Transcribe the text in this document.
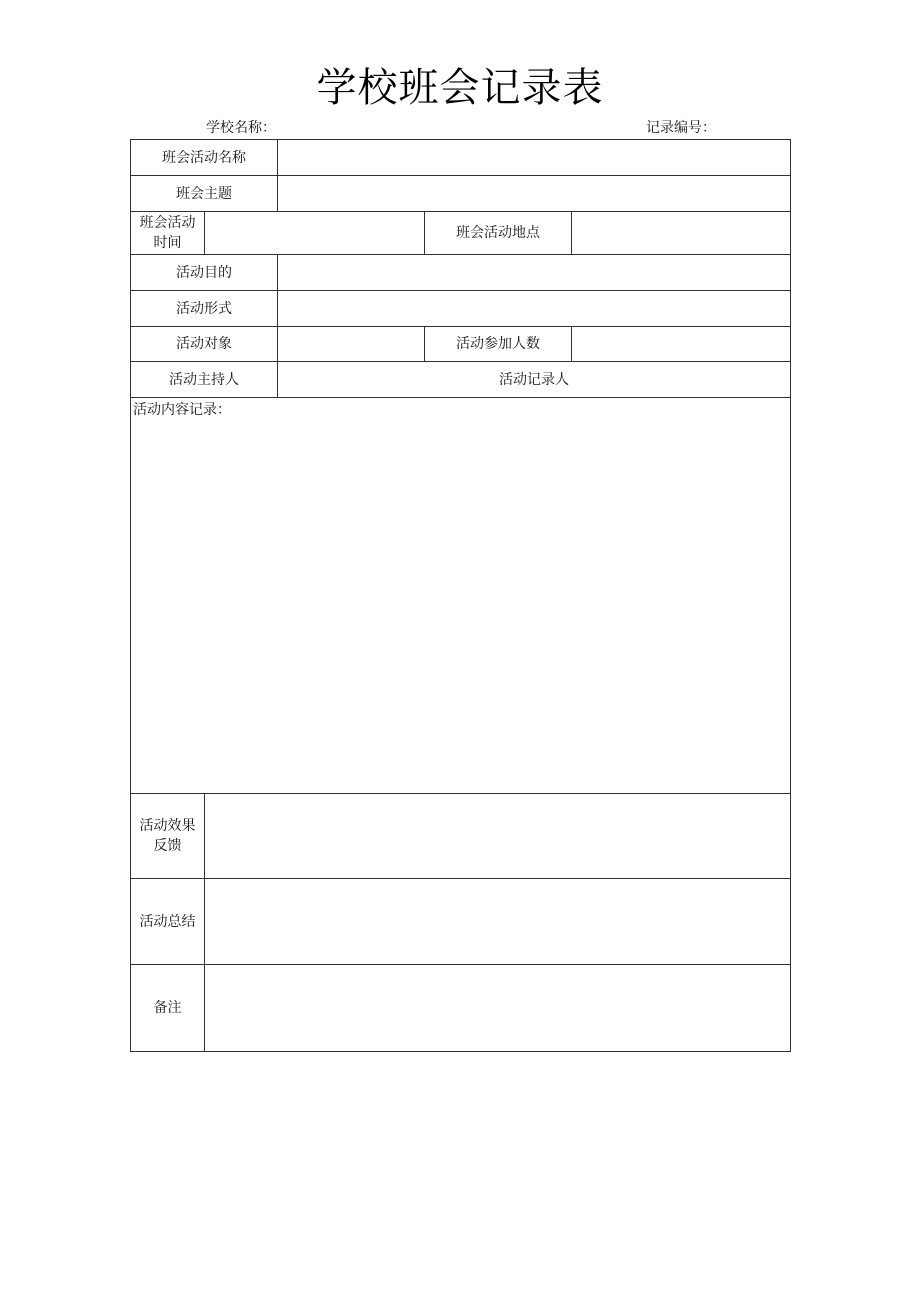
学校班会记录表
学校名称：	记录编号：
班会活动名称				
班会主题				

班会活动
时间			班会活动地点	
活动目的				
活动形式				
活动对象			活动参加人数	
活动主持人		活动记录人		
活动内容记录：				

活动效果
反馈				

活动总结				
备注				
